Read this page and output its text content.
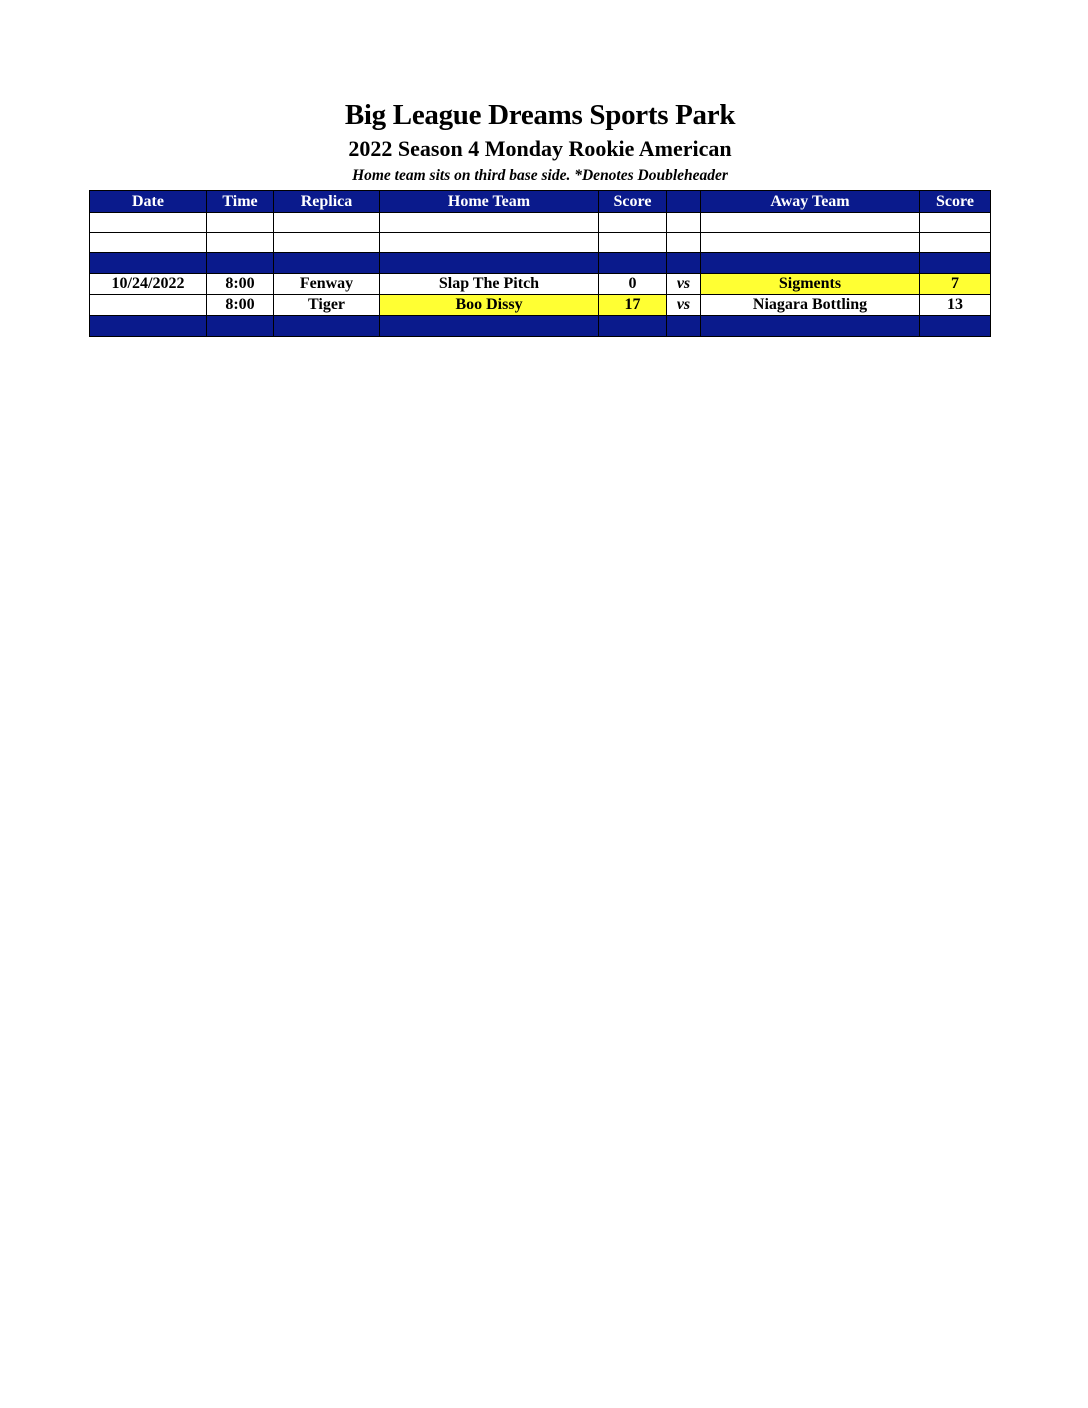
Big League Dreams Sports Park
2022 Season 4 Monday Rookie American
Home team sits on third base side. *Denotes Doubleheader
Date	Time	Replica	Home Team	Score		Away Team	Score

10/24/2022	8:00	Fenway	Slap The Pitch	0	vs	Sigments	7
	8:00	Tiger	Boo Dissy	17	vs	Niagara Bottling	13
